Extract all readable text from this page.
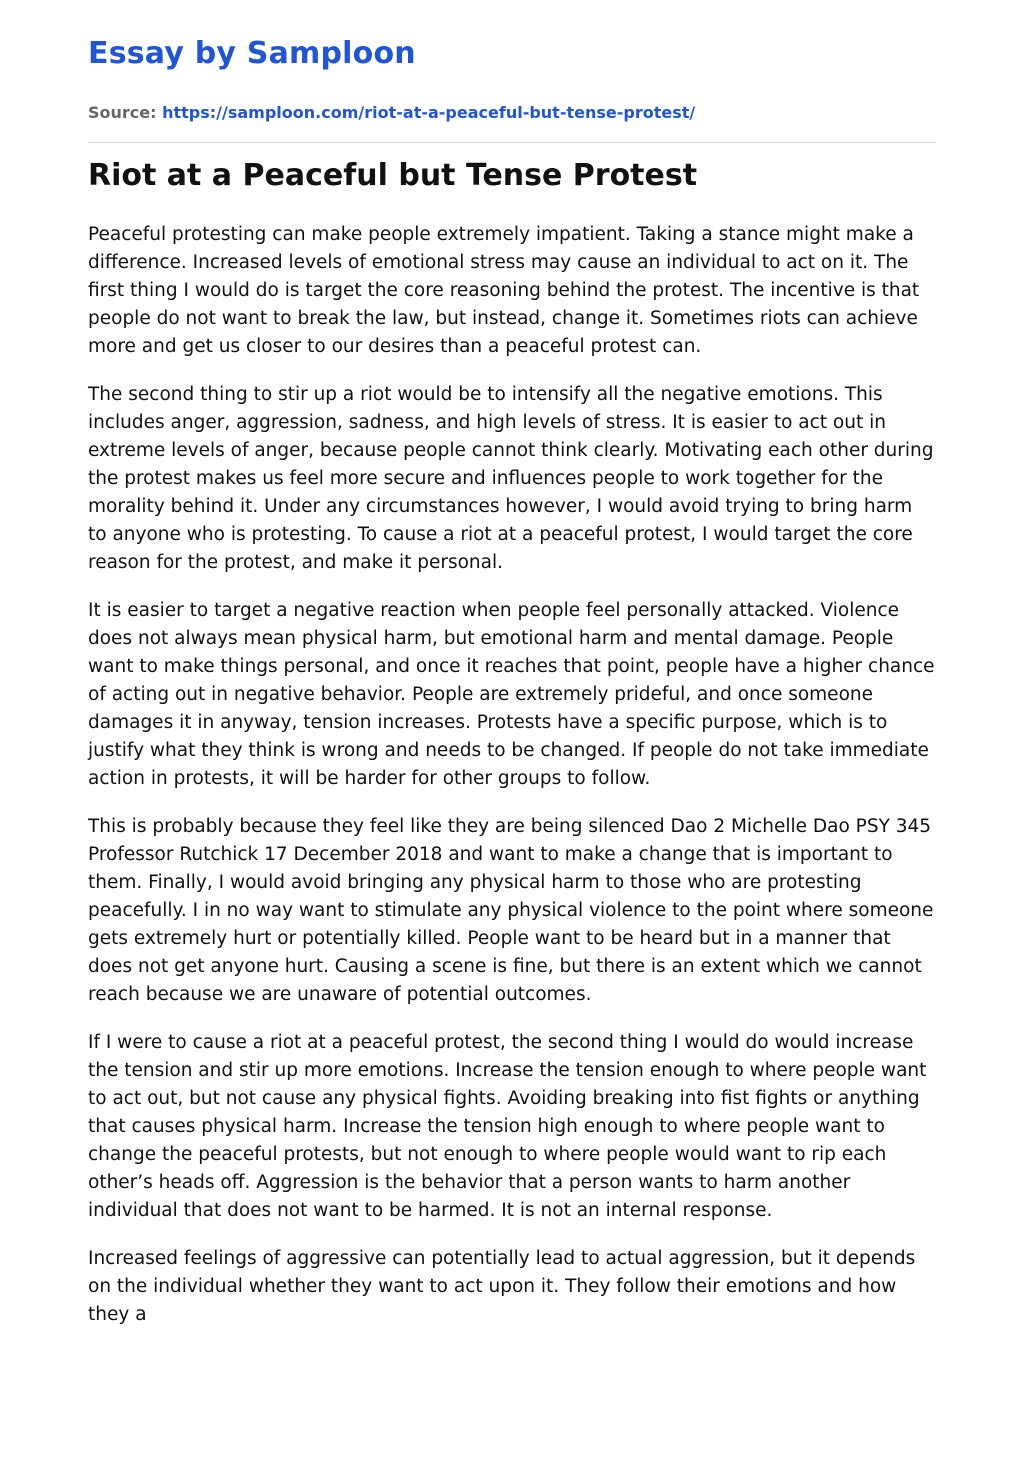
Essay by Samploon
Source: https://samploon.com/riot-at-a-peaceful-but-tense-protest/
Riot at a Peaceful but Tense Protest

Peaceful protesting can make people extremely impatient. Taking a stance might make a difference. Increased levels of emotional stress may cause an individual to act on it. The first thing I would do is target the core reasoning behind the protest. The incentive is that people do not want to break the law, but instead, change it. Sometimes riots can achieve more and get us closer to our desires than a peaceful protest can.

The second thing to stir up a riot would be to intensify all the negative emotions. This includes anger, aggression, sadness, and high levels of stress. It is easier to act out in extreme levels of anger, because people cannot think clearly. Motivating each other during the protest makes us feel more secure and influences people to work together for the morality behind it. Under any circumstances however, I would avoid trying to bring harm to anyone who is protesting. To cause a riot at a peaceful protest, I would target the core reason for the protest, and make it personal.

It is easier to target a negative reaction when people feel personally attacked. Violence does not always mean physical harm, but emotional harm and mental damage. People want to make things personal, and once it reaches that point, people have a higher chance of acting out in negative behavior. People are extremely prideful, and once someone damages it in anyway, tension increases. Protests have a specific purpose, which is to justify what they think is wrong and needs to be changed. If people do not take immediate action in protests, it will be harder for other groups to follow.

This is probably because they feel like they are being silenced Dao 2 Michelle Dao PSY 345 Professor Rutchick 17 December 2018 and want to make a change that is important to them. Finally, I would avoid bringing any physical harm to those who are protesting peacefully. I in no way want to stimulate any physical violence to the point where someone gets extremely hurt or potentially killed. People want to be heard but in a manner that does not get anyone hurt. Causing a scene is fine, but there is an extent which we cannot reach because we are unaware of potential outcomes.

If I were to cause a riot at a peaceful protest, the second thing I would do would increase the tension and stir up more emotions. Increase the tension enough to where people want to act out, but not cause any physical fights. Avoiding breaking into fist fights or anything that causes physical harm. Increase the tension high enough to where people want to change the peaceful protests, but not enough to where people would want to rip each other’s heads off. Aggression is the behavior that a person wants to harm another individual that does not want to be harmed. It is not an internal response.

Increased feelings of aggressive can potentially lead to actual aggression, but it depends on the individual whether they want to act upon it. They follow their emotions and how they a
